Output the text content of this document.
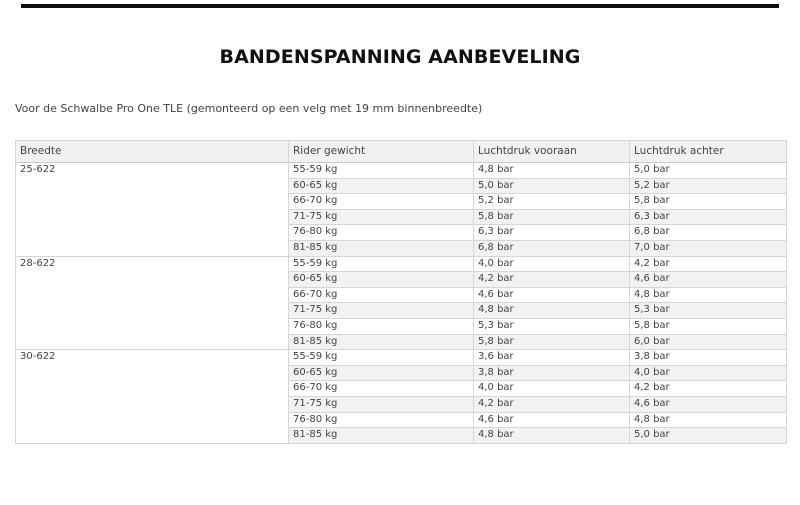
BANDENSPANNING AANBEVELING

Voor de Schwalbe Pro One TLE (gemonteerd op een velg met 19 mm binnenbreedte)

Breedte	Rider gewicht	Luchtdruk vooraan	Luchtdruk achter
25-622	55-59 kg	4,8 bar	5,0 bar
	60-65 kg	5,0 bar	5,2 bar
	66-70 kg	5,2 bar	5,8 bar
	71-75 kg	5,8 bar	6,3 bar
	76-80 kg	6,3 bar	6,8 bar
	81-85 kg	6,8 bar	7,0 bar
28-622	55-59 kg	4,0 bar	4,2 bar
	60-65 kg	4,2 bar	4,6 bar
	66-70 kg	4,6 bar	4,8 bar
	71-75 kg	4,8 bar	5,3 bar
	76-80 kg	5,3 bar	5,8 bar
	81-85 kg	5,8 bar	6,0 bar
30-622	55-59 kg	3,6 bar	3,8 bar
	60-65 kg	3,8 bar	4,0 bar
	66-70 kg	4,0 bar	4,2 bar
	71-75 kg	4,2 bar	4,6 bar
	76-80 kg	4,6 bar	4,8 bar
	81-85 kg	4,8 bar	5,0 bar
